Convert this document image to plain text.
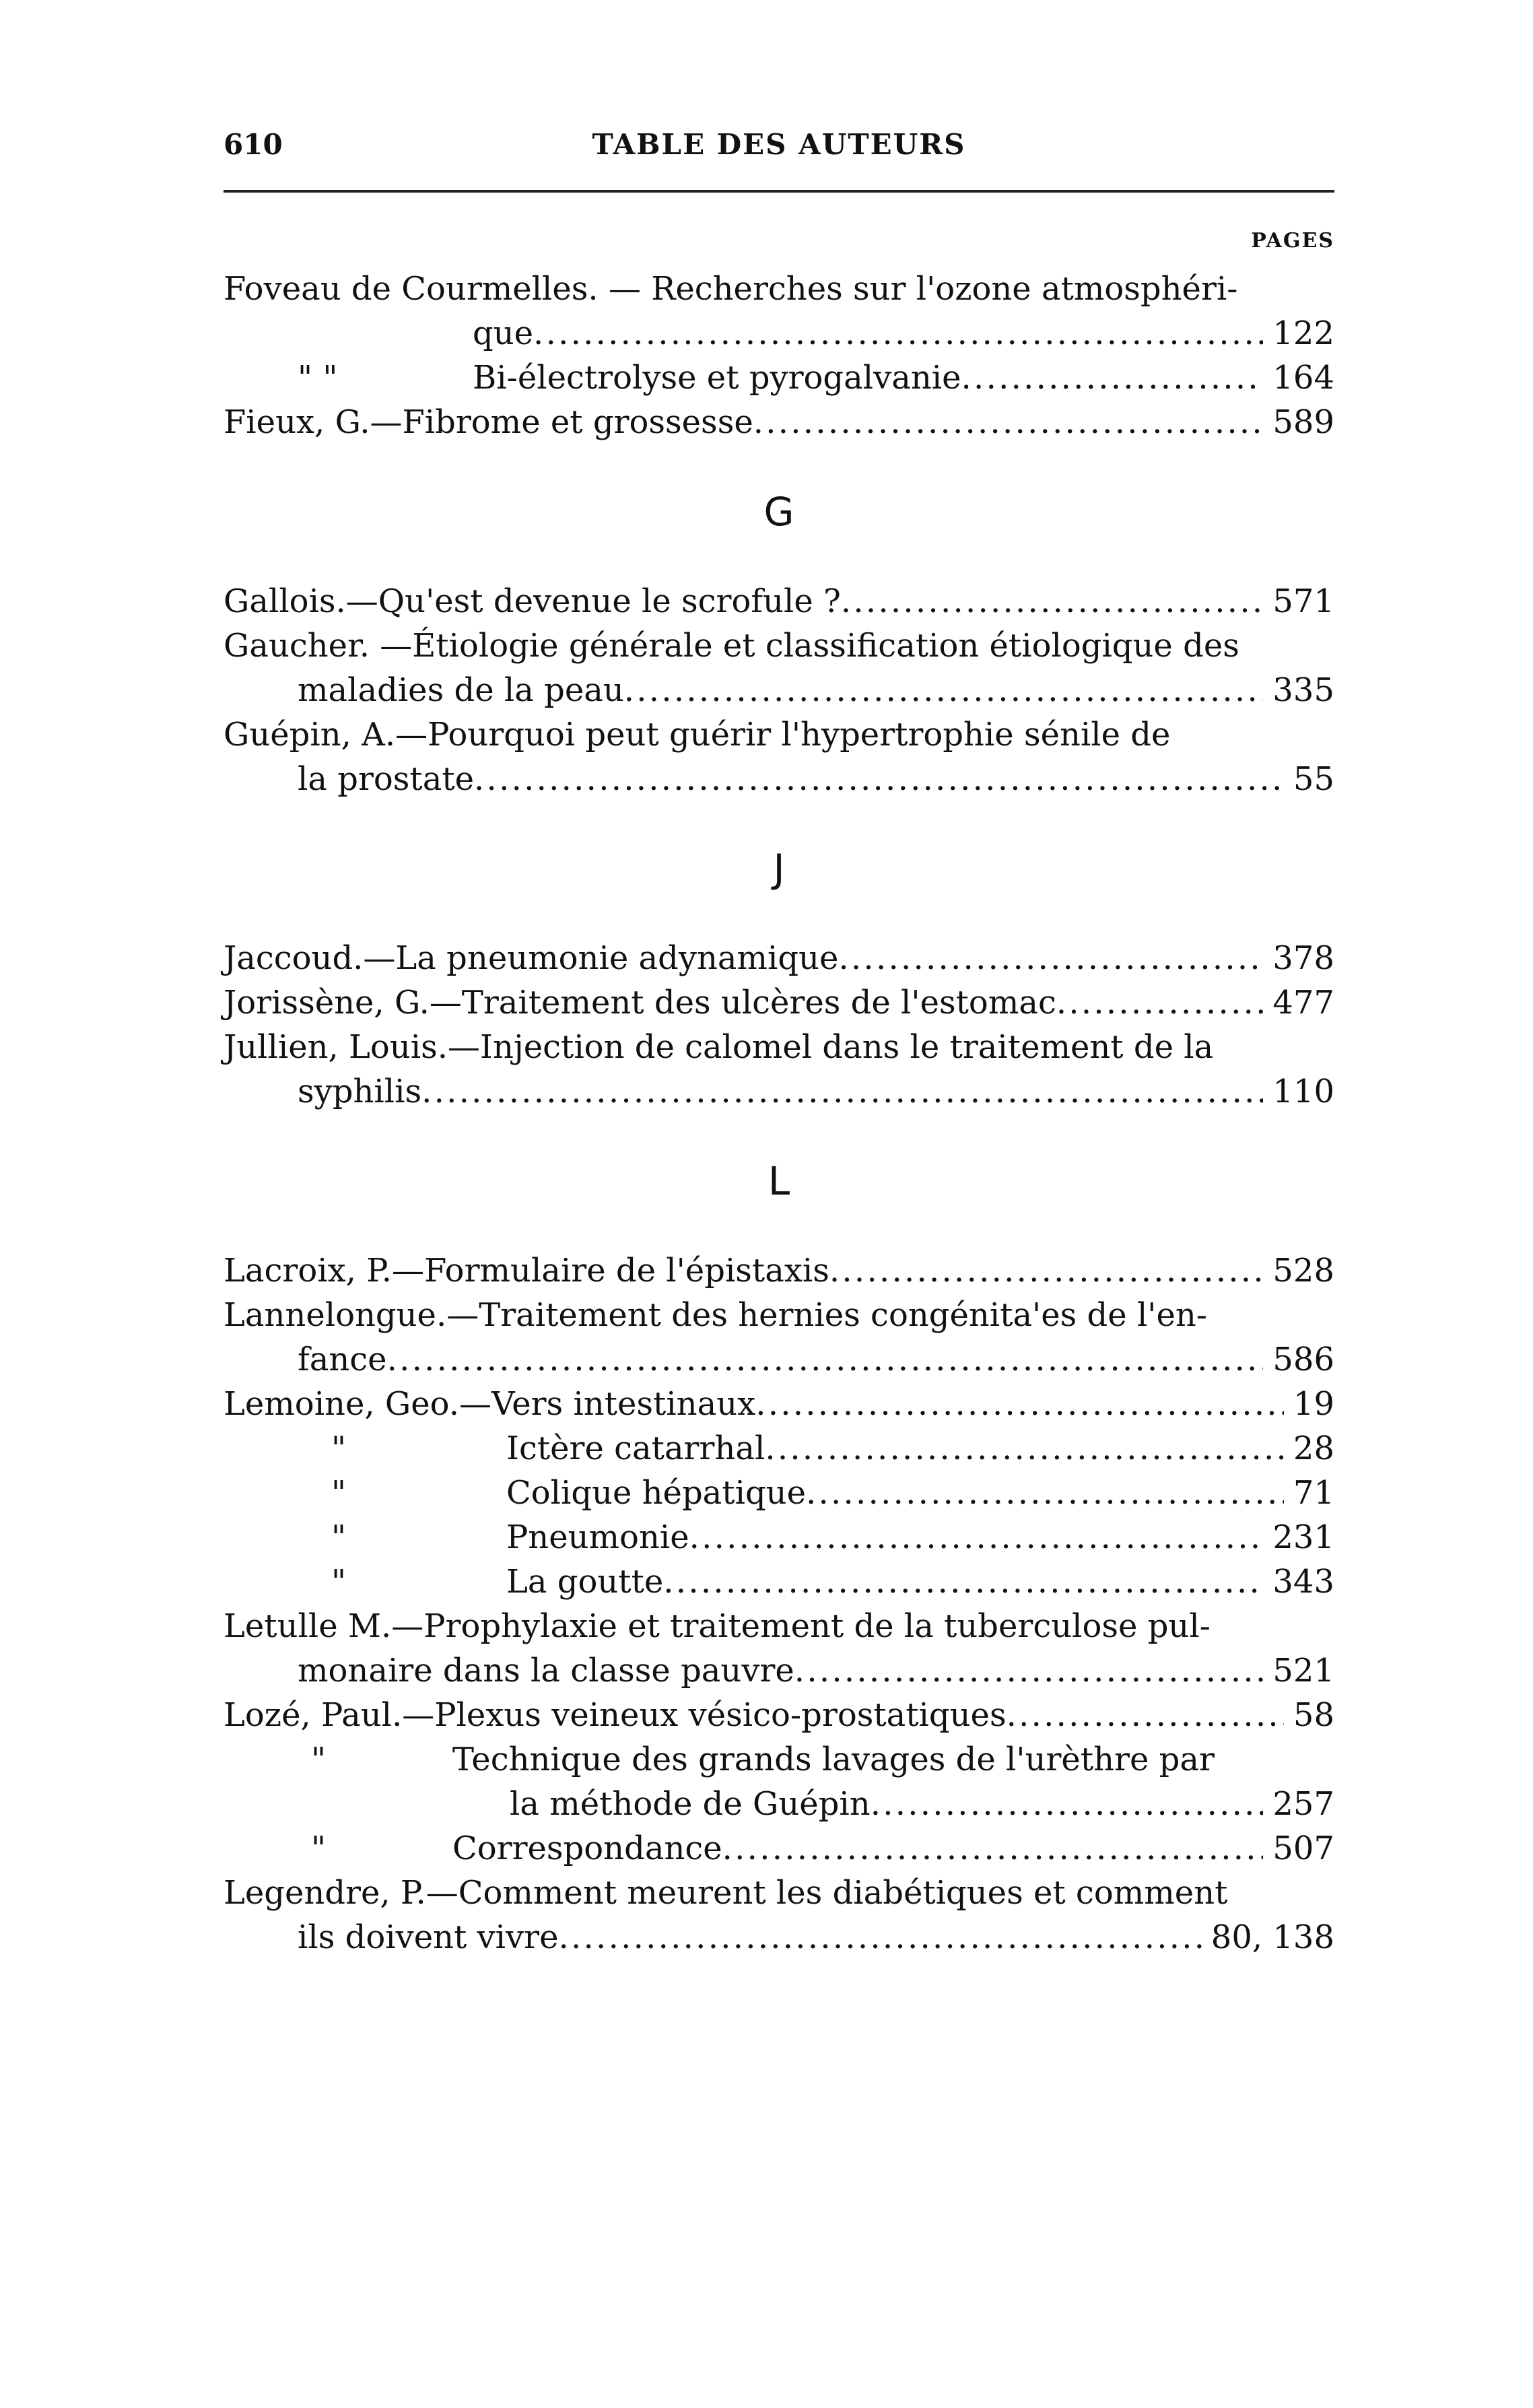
610	TABLE DES AUTEURS
PAGES
Foveau de Courmelles. — Recherches sur l'ozone atmosphéri-
que . . .	122
" "	Bi-électrolyse et pyrogalvanie . . .	164
Fieux, G.—Fibrome et grossesse . . .	589
G
Gallois.—Qu'est devenue le scrofule ? . . .	571
Gaucher. —Étiologie générale et classification étiologique des
maladies de la peau . . .	335
Guépin, A.—Pourquoi peut guérir l'hypertrophie sénile de
la prostate . . .	55
J
Jaccoud.—La pneumonie adynamique . . .	378
Jorissène, G.—Traitement des ulcères de l'estomac . . .	477
Jullien, Louis.—Injection de calomel dans le traitement de la
syphilis . . .	110
L
Lacroix, P.—Formulaire de l'épistaxis . . .	528
Lannelongue.—Traitement des hernies congénita'es de l'en-
fance . . .	586
Lemoine, Geo.—Vers intestinaux . . .	19
"	Ictère catarrhal . . .	28
"	Colique hépatique . . .	71
"	Pneumonie . . .	231
"	La goutte . . .	343
Letulle M.—Prophylaxie et traitement de la tuberculose pul-
monaire dans la classe pauvre . . .	521
Lozé, Paul.—Plexus veineux vésico-prostatiques . . .	58
"	Technique des grands lavages de l'urèthre par
la méthode de Guépin . . .	257
"	Correspondance . . .	507
Legendre, P.—Comment meurent les diabétiques et comment
ils doivent vivre . . .	80, 138
